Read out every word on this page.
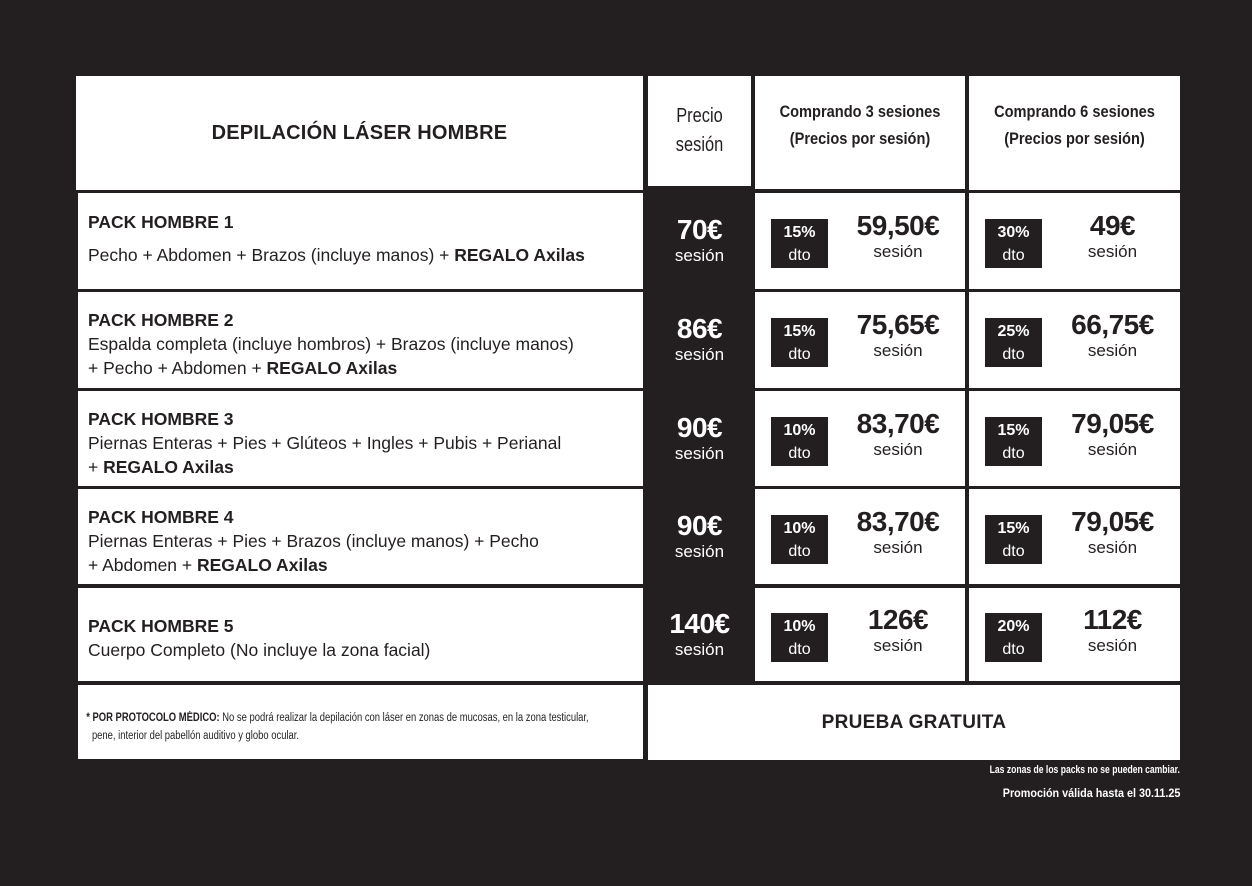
DEPILACIÓN LÁSER HOMBRE
Precio
sesión
Comprando 3 sesiones
(Precios por sesión)
Comprando 6 sesiones
(Precios por sesión)
PACK HOMBRE 1
Pecho + Abdomen + Brazos (incluye manos) + REGALO Axilas
70€
sesión
15%
dto
59,50€
sesión
30%
dto
49€
sesión
PACK HOMBRE 2
Espalda completa (incluye hombros) + Brazos (incluye manos)
+ Pecho + Abdomen + REGALO Axilas
86€
sesión
15%
dto
75,65€
sesión
25%
dto
66,75€
sesión
PACK HOMBRE 3
Piernas Enteras + Pies + Glúteos + Ingles + Pubis + Perianal
+ REGALO Axilas
90€
sesión
10%
dto
83,70€
sesión
15%
dto
79,05€
sesión
PACK HOMBRE 4
Piernas Enteras + Pies + Brazos (incluye manos) + Pecho
+ Abdomen + REGALO Axilas
90€
sesión
10%
dto
83,70€
sesión
15%
dto
79,05€
sesión
PACK HOMBRE 5
Cuerpo Completo (No incluye la zona facial)
140€
sesión
10%
dto
126€
sesión
20%
dto
112€
sesión
* POR PROTOCOLO MÉDICO: No se podrá realizar la depilación con láser en zonas de mucosas, en la zona testicular,
pene, interior del pabellón auditivo y globo ocular.
PRUEBA GRATUITA
Las zonas de los packs no se pueden cambiar.
Promoción válida hasta el 30.11.25
